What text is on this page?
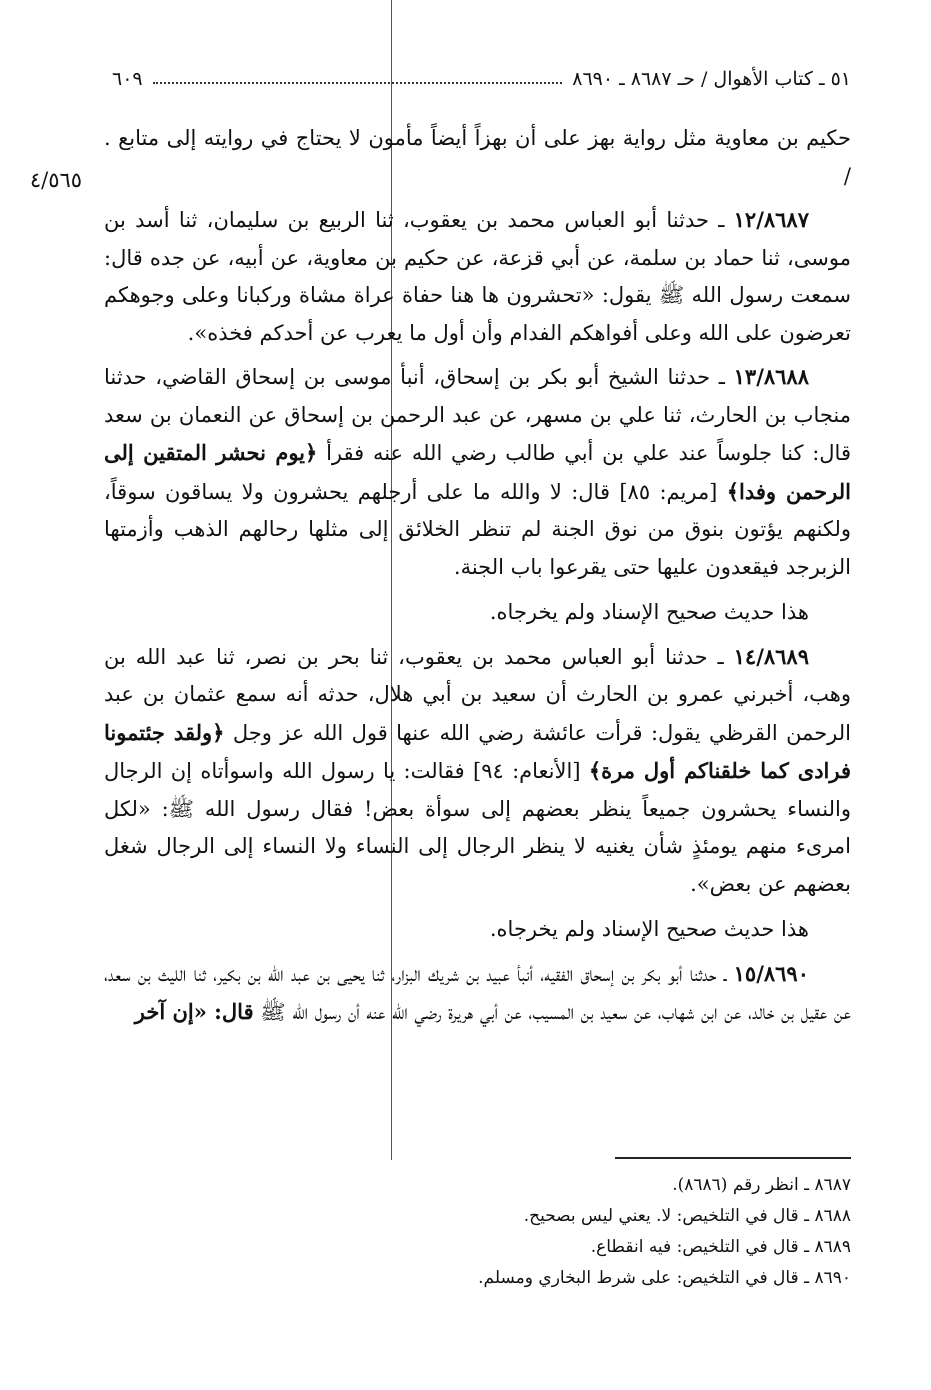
٥١ ـ كتاب الأهوال / حـ ٨٦٨٧ ـ ٨٦٩٠
٦٠٩
٤/٥٦٥

حكيم بن معاوية مثل رواية بهز على أن بهزاً أيضاً مأمون لا يحتاج في روايته إلى متابع . /

١٢/٨٦٨٧ ـ حدثنا أبو العباس محمد بن يعقوب، ثنا الربيع بن سليمان، ثنا أسد بن موسى، ثنا حماد بن سلمة، عن أبي قزعة، عن حكيم بن معاوية، عن أبيه، عن جده قال: سمعت رسول الله ﷺ يقول: «تحشرون ها هنا حفاة عراة مشاة وركبانا وعلى وجوهكم تعرضون على الله وعلى أفواهكم الفدام وأن أول ما يعرب عن أحدكم فخذه».

١٣/٨٦٨٨ ـ حدثنا الشيخ أبو بكر بن إسحاق، أنبأ موسى بن إسحاق القاضي، حدثنا منجاب بن الحارث، ثنا علي بن مسهر، عن عبد الرحمن بن إسحاق عن النعمان بن سعد قال: كنا جلوساً عند علي بن أبي طالب رضي الله عنه فقرأ ﴿يوم نحشر المتقين إلى الرحمن وفدا﴾ [مريم: ٨٥] قال: لا والله ما على أرجلهم يحشرون ولا يساقون سوقاً، ولكنهم يؤتون بنوق من نوق الجنة لم تنظر الخلائق إلى مثلها رحالهم الذهب وأزمتها الزبرجد فيقعدون عليها حتى يقرعوا باب الجنة.

هذا حديث صحيح الإسناد ولم يخرجاه.

١٤/٨٦٨٩ ـ حدثنا أبو العباس محمد بن يعقوب، ثنا بحر بن نصر، ثنا عبد الله بن وهب، أخبرني عمرو بن الحارث أن سعيد بن أبي هلال، حدثه أنه سمع عثمان بن عبد الرحمن القرظي يقول: قرأت عائشة رضي الله عنها قول الله عز وجل ﴿ولقد جئتمونا فرادى كما خلقناكم أول مرة﴾ [الأنعام: ٩٤] فقالت: يا رسول الله واسوأتاه إن الرجال والنساء يحشرون جميعاً ينظر بعضهم إلى سوأة بعض! فقال رسول الله ﷺ: «لكل امرىء منهم يومئذٍ شأن يغنيه لا ينظر الرجال إلى النساء ولا النساء إلى الرجال شغل بعضهم عن بعض».

هذا حديث صحيح الإسناد ولم يخرجاه.

١٥/٨٦٩٠ ـ حدثنا أبو بكر بن إسحاق الفقيه، أنبأ عبيد بن شريك البزار، ثنا يحيى بن عبد الله بن بكير، ثنا الليث بن سعد، عن عقيل بن خالد، عن ابن شهاب، عن سعيد بن المسيب، عن أبي هريرة رضي الله عنه أن رسول الله ﷺ قال: «إن آخر

٨٦٨٧ ـ انظر رقم (٨٦٨٦).

٨٦٨٨ ـ قال في التلخيص: لا. يعني ليس بصحيح.

٨٦٨٩ ـ قال في التلخيص: فيه انقطاع.

٨٦٩٠ ـ قال في التلخيص: على شرط البخاري ومسلم.
